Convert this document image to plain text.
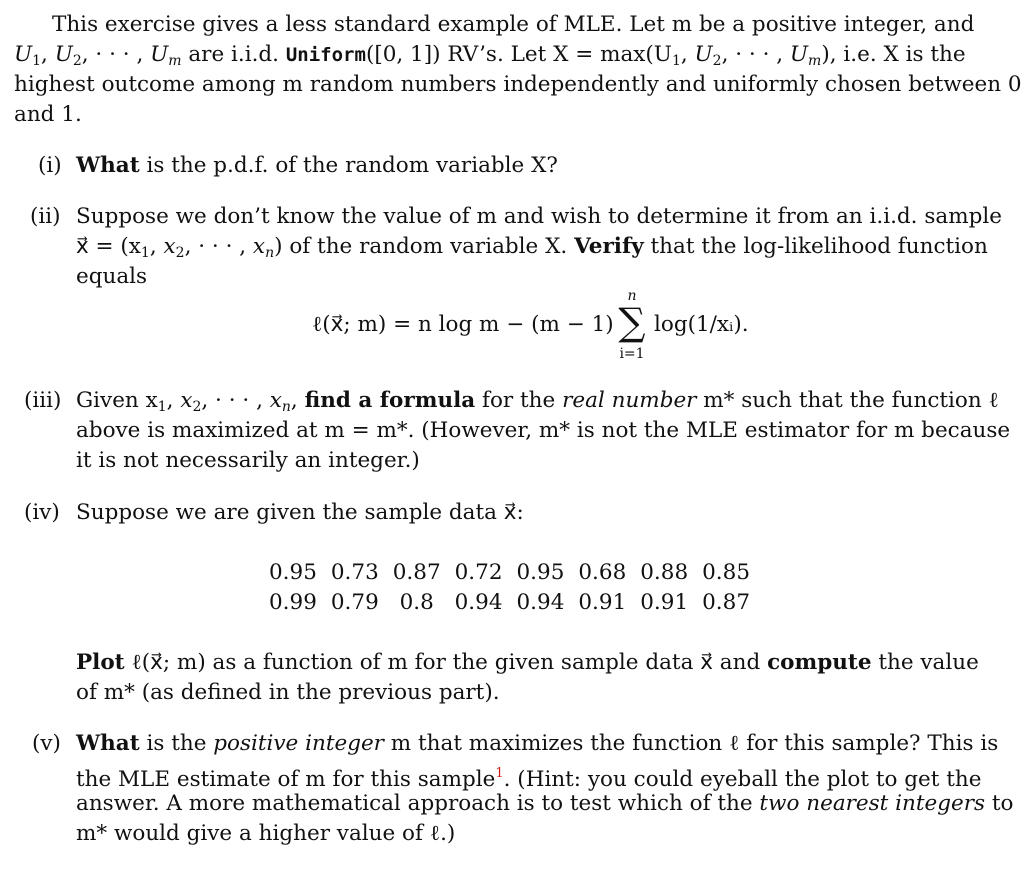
This exercise gives a less standard example of MLE. Let m be a positive integer, and
$U_1$, $U_2$, · · · , $U_m$ are i.i.d. Uniform([0, 1]) RV’s. Let $X = \max(U_1$, $U_2$, · · · , $U_m$), i.e. X is the
highest outcome among m random numbers independently and uniformly chosen between 0
and 1.
(i) What is the p.d.f. of the random variable X?
(ii) Suppose we don’t know the value of m and wish to determine it from an i.i.d. sample
x⃗ = ($x_1$, $x_2$, · · · , $x_n$) of the random variable X. Verify that the log-likelihood function
equals
ℓ(x⃗; m) = n log m − (m − 1)
n
∑
i=1
log(1/xᵢ).
(iii) Given $x_1$, $x_2$, · · · , $x_n$, find a formula for the real number m* such that the function ℓ
above is maximized at m = m*. (However, m* is not the MLE estimator for m because
it is not necessarily an integer.)
(iv) Suppose we are given the sample data x⃗:
0.95	0.73	0.87	0.72	0.95	0.68	0.88	0.85
0.99	0.79	0.8	0.94	0.94	0.91	0.91	0.87
Plot ℓ(x⃗; m) as a function of m for the given sample data x⃗ and compute the value
of m* (as defined in the previous part).
(v) What is the positive integer m that maximizes the function ℓ for this sample? This is
the MLE estimate of m for this sample$^1$. (Hint: you could eyeball the plot to get the
answer. A more mathematical approach is to test which of the two nearest integers to
m* would give a higher value of ℓ.)
